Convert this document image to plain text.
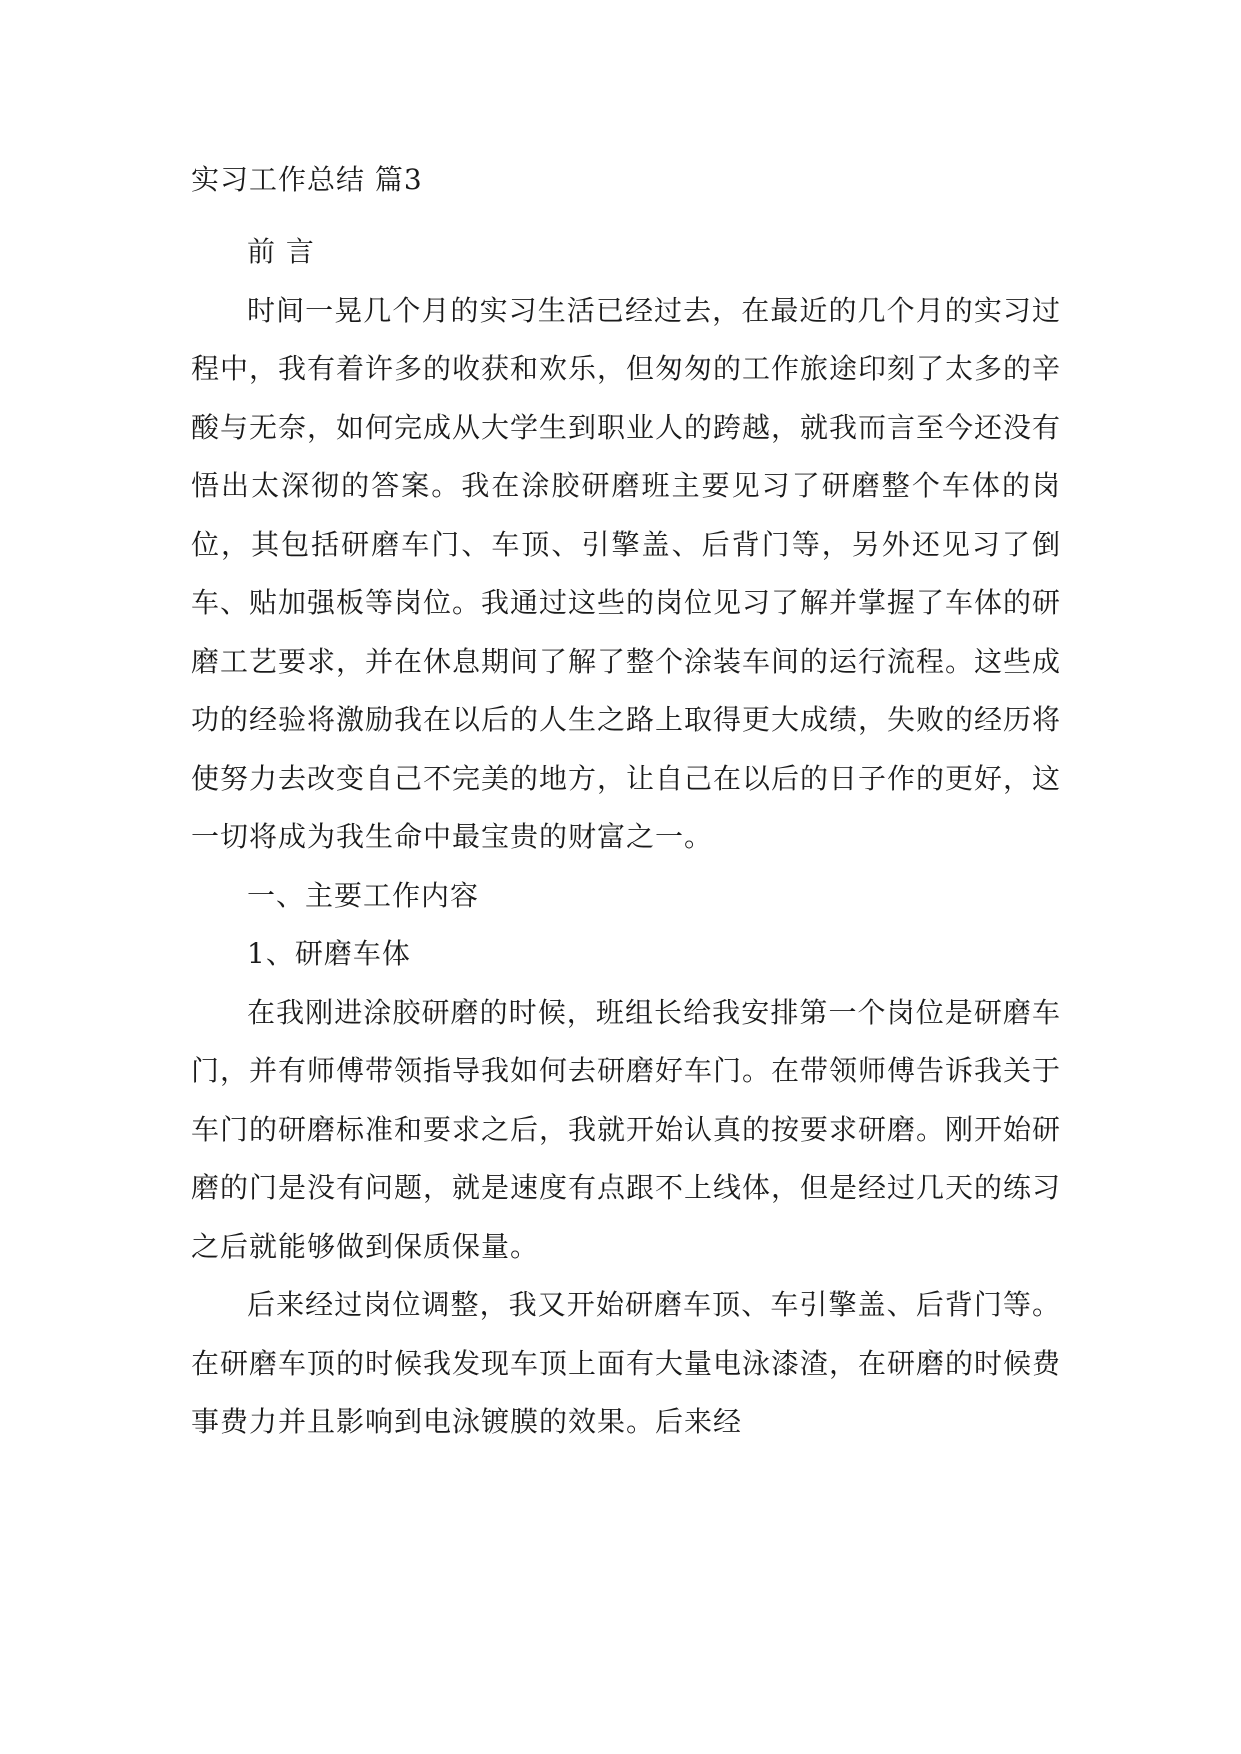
实习工作总结 篇3
前 言

时间一晃几个月的实习生活已经过去，在最近的几个月的实习过程中，我有着许多的收获和欢乐，但匆匆的工作旅途印刻了太多的辛酸与无奈，如何完成从大学生到职业人的跨越，就我而言至今还没有悟出太深彻的答案。我在涂胶研磨班主要见习了研磨整个车体的岗位，其包括研磨车门、车顶、引擎盖、后背门等，另外还见习了倒车、贴加强板等岗位。我通过这些的岗位见习了解并掌握了车体的研磨工艺要求，并在休息期间了解了整个涂装车间的运行流程。这些成功的经验将激励我在以后的人生之路上取得更大成绩，失败的经历将使努力去改变自己不完美的地方，让自己在以后的日子作的更好，这一切将成为我生命中最宝贵的财富之一。

一、主要工作内容
1、研磨车体

在我刚进涂胶研磨的时候，班组长给我安排第一个岗位是研磨车门，并有师傅带领指导我如何去研磨好车门。在带领师傅告诉我关于车门的研磨标准和要求之后，我就开始认真的按要求研磨。刚开始研磨的门是没有问题，就是速度有点跟不上线体，但是经过几天的练习之后就能够做到保质保量。

后来经过岗位调整，我又开始研磨车顶、车引擎盖、后背门等。在研磨车顶的时候我发现车顶上面有大量电泳漆渣，在研磨的时候费事费力并且影响到电泳镀膜的效果。后来经
